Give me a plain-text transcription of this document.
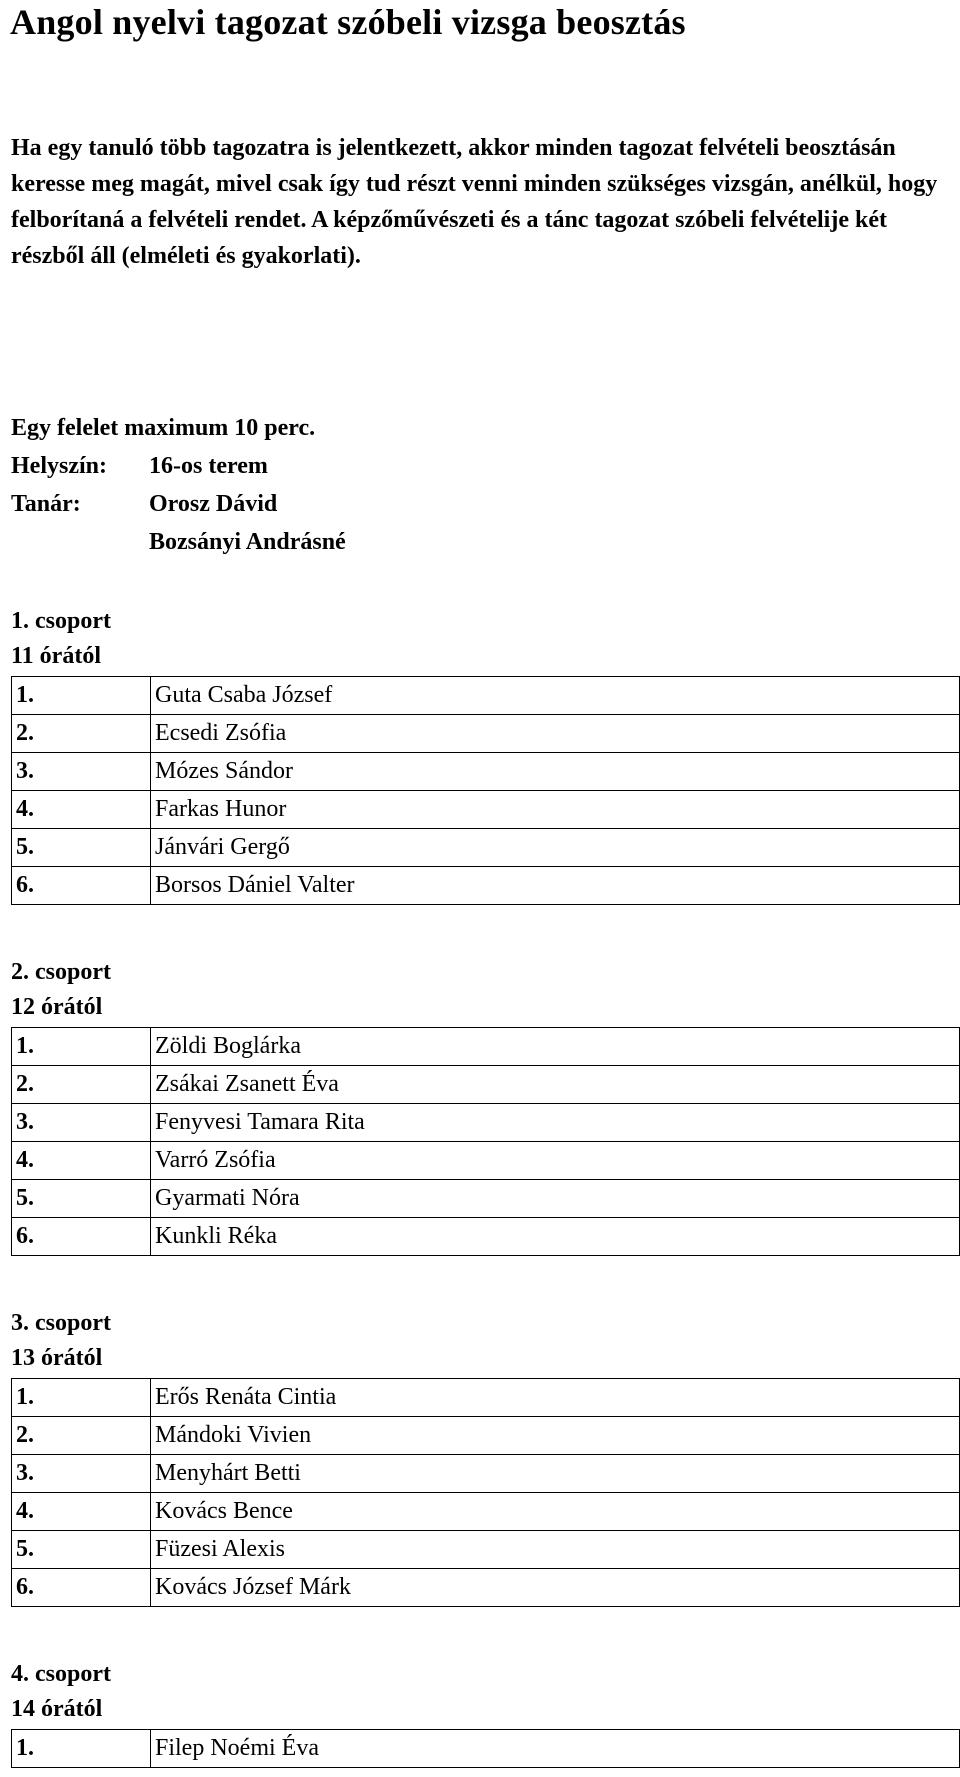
Angol nyelvi tagozat szóbeli vizsga beosztás

Ha egy tanuló több tagozatra is jelentkezett, akkor minden tagozat felvételi beosztásán keresse meg magát, mivel csak így tud részt venni minden szükséges vizsgán, anélkül, hogy felborítaná a felvételi rendet. A képzőművészeti és a tánc tagozat szóbeli felvételije két részből áll (elméleti és gyakorlati).

Egy felelet maximum 10 perc.
Helyszín:	16-os terem
Tanár:	Orosz Dávid
Bozsányi Andrásné
1. csoport
11 órától
1.	Guta Csaba József
2.	Ecsedi Zsófia
3.	Mózes Sándor
4.	Farkas Hunor
5.	Jánvári Gergő
6.	Borsos Dániel Valter
2. csoport
12 órától
1.	Zöldi Boglárka
2.	Zsákai Zsanett Éva
3.	Fenyvesi Tamara Rita
4.	Varró Zsófia
5.	Gyarmati Nóra
6.	Kunkli Réka
3. csoport
13 órától
1.	Erős Renáta Cintia
2.	Mándoki Vivien
3.	Menyhárt Betti
4.	Kovács Bence
5.	Füzesi Alexis
6.	Kovács József Márk
4. csoport
14 órától
1.	Filep Noémi Éva
